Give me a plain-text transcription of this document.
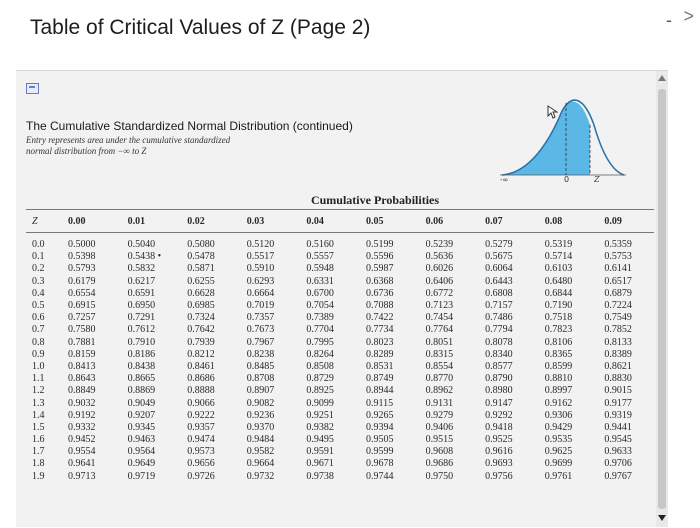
Table of Critical Values of Z (Page 2)	- >
The Cumulative Standardized Normal Distribution (continued)
Entry represents area under the cumulative standardized
normal distribution from −∞ to Z
-∞	0	Z
Cumulative Probabilities
Z	0.00	0.01	0.02	0.03	0.04	0.05	0.06	0.07	0.08	0.09
0.0	0.5000	0.5040	0.5080	0.5120	0.5160	0.5199	0.5239	0.5279	0.5319	0.5359
0.1	0.5398	0.5438 •	0.5478	0.5517	0.5557	0.5596	0.5636	0.5675	0.5714	0.5753
0.2	0.5793	0.5832	0.5871	0.5910	0.5948	0.5987	0.6026	0.6064	0.6103	0.6141
0.3	0.6179	0.6217	0.6255	0.6293	0.6331	0.6368	0.6406	0.6443	0.6480	0.6517
0.4	0.6554	0.6591	0.6628	0.6664	0.6700	0.6736	0.6772	0.6808	0.6844	0.6879
0.5	0.6915	0.6950	0.6985	0.7019	0.7054	0.7088	0.7123	0.7157	0.7190	0.7224
0.6	0.7257	0.7291	0.7324	0.7357	0.7389	0.7422	0.7454	0.7486	0.7518	0.7549
0.7	0.7580	0.7612	0.7642	0.7673	0.7704	0.7734	0.7764	0.7794	0.7823	0.7852
0.8	0.7881	0.7910	0.7939	0.7967	0.7995	0.8023	0.8051	0.8078	0.8106	0.8133
0.9	0.8159	0.8186	0.8212	0.8238	0.8264	0.8289	0.8315	0.8340	0.8365	0.8389
1.0	0.8413	0.8438	0.8461	0.8485	0.8508	0.8531	0.8554	0.8577	0.8599	0.8621
1.1	0.8643	0.8665	0.8686	0.8708	0.8729	0.8749	0.8770	0.8790	0.8810	0.8830
1.2	0.8849	0.8869	0.8888	0.8907	0.8925	0.8944	0.8962	0.8980	0.8997	0.9015
1.3	0.9032	0.9049	0.9066	0.9082	0.9099	0.9115	0.9131	0.9147	0.9162	0.9177
1.4	0.9192	0.9207	0.9222	0.9236	0.9251	0.9265	0.9279	0.9292	0.9306	0.9319
1.5	0.9332	0.9345	0.9357	0.9370	0.9382	0.9394	0.9406	0.9418	0.9429	0.9441
1.6	0.9452	0.9463	0.9474	0.9484	0.9495	0.9505	0.9515	0.9525	0.9535	0.9545
1.7	0.9554	0.9564	0.9573	0.9582	0.9591	0.9599	0.9608	0.9616	0.9625	0.9633
1.8	0.9641	0.9649	0.9656	0.9664	0.9671	0.9678	0.9686	0.9693	0.9699	0.9706
1.9	0.9713	0.9719	0.9726	0.9732	0.9738	0.9744	0.9750	0.9756	0.9761	0.9767
